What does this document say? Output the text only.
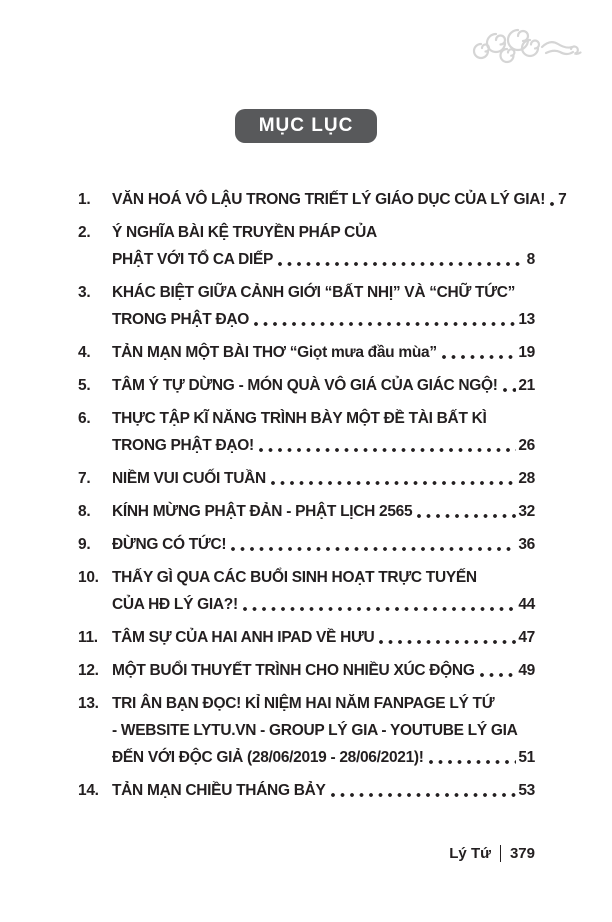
MỤC LỤC
1.	VĂN HOÁ VÔ LẬU TRONG TRIẾT LÝ GIÁO DỤC CỦA LÝ GIA! 7
2.	Ý NGHĨA BÀI KỆ TRUYỀN PHÁP CỦA
PHẬT VỚI TỔ CA DIẾP	8
3.	KHÁC BIỆT GIỮA CẢNH GIỚI “BẤT NHỊ” VÀ “CHỮ TỨC”
TRONG PHẬT ĐẠO	13
4.	TẢN MẠN MỘT BÀI THƠ “Giọt mưa đầu mùa”	19
5.	TÂM Ý TỰ DỪNG - MÓN QUÀ VÔ GIÁ CỦA GIÁC NGỘ! 21
6.	THỰC TẬP KĨ NĂNG TRÌNH BÀY MỘT ĐỀ TÀI BẤT KÌ
TRONG PHẬT ĐẠO!	26
7.	NIỀM VUI CUỐI TUẦN	28
8.	KÍNH MỪNG PHẬT ĐẢN - PHẬT LỊCH 2565	32
9.	ĐỪNG CÓ TỨC!	36
10. THẤY GÌ QUA CÁC BUỔI SINH HOẠT TRỰC TUYẾN
CỦA HĐ LÝ GIA?!	44
11. TÂM SỰ CỦA HAI ANH IPAD VỀ HƯU	47
12. MỘT BUỔI THUYẾT TRÌNH CHO NHIỀU XÚC ĐỘNG	49
13. TRI ÂN BẠN ĐỌC! KỈ NIỆM HAI NĂM FANPAGE LÝ TỨ
- WEBSITE LYTU.VN - GROUP LÝ GIA - YOUTUBE LÝ GIA
ĐẾN VỚI ĐỘC GIẢ (28/06/2019 - 28/06/2021)!	51
14. TẢN MẠN CHIỀU THÁNG BẢY	53
Lý Tứ 379
